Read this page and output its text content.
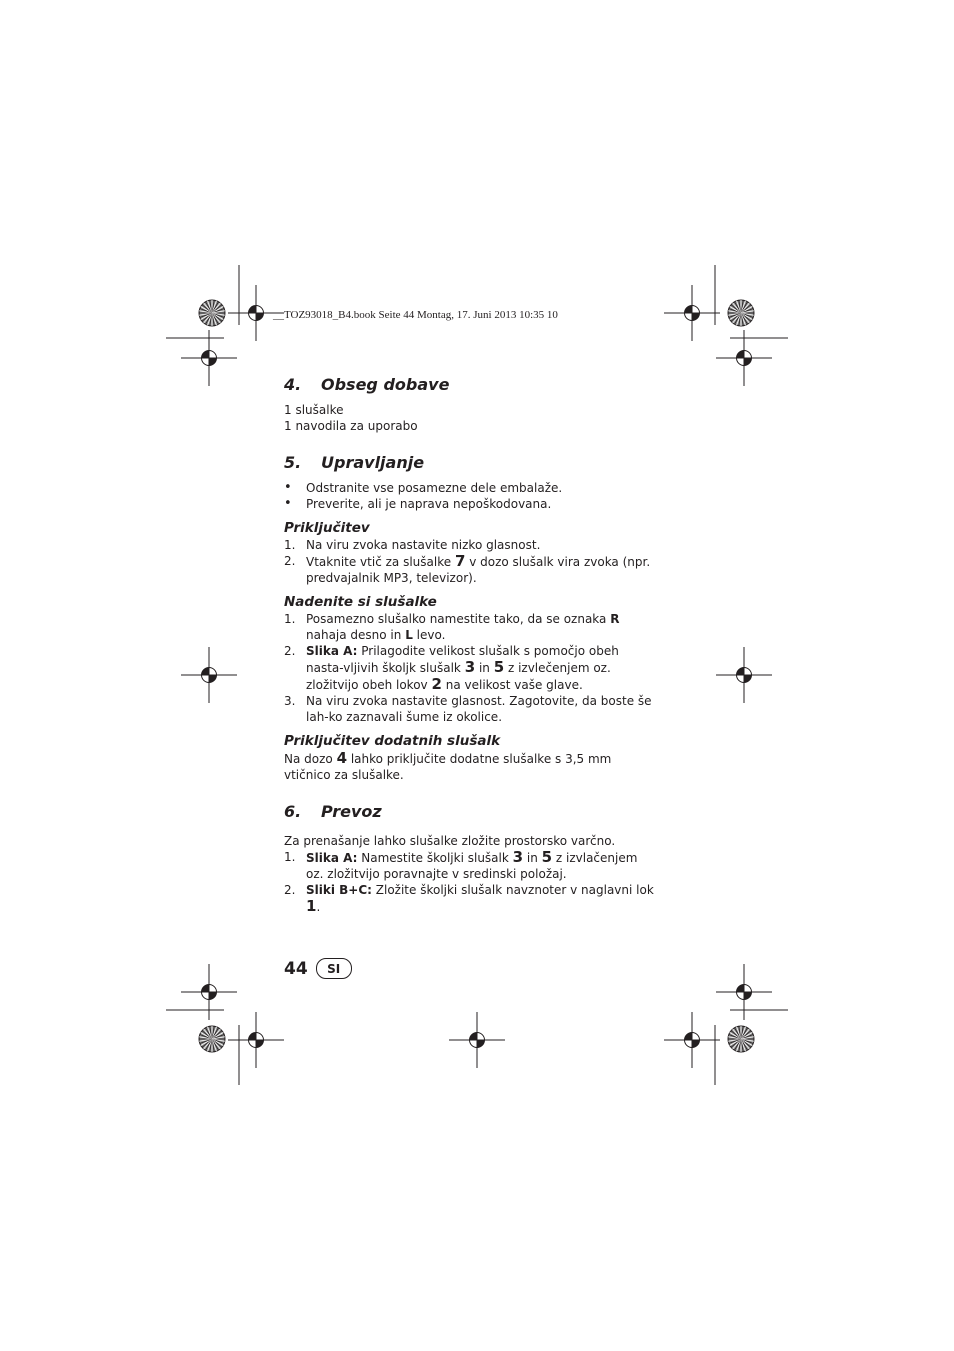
__TOZ93018_B4.book Seite 44 Montag, 17. Juni 2013 10:35 10
4.	Obseg dobave

1 slušalke

1 navodila za uporabo

5.	Upravljanje
•	Odstranite vse posamezne dele embalaže.
•	Preverite, ali je naprava nepoškodovana.
Priključitev
1. Na viru zvoka nastavite nizko glasnost.
2. Vtaknite vtič za slušalke 7 v dozo slušalk vira zvoka (npr. predvajalnik MP3, televizor).
Nadenite si slušalke
1. Posamezno slušalko namestite tako, da se oznaka R nahaja desno in L levo.
2. Slika A: Prilagodite velikost slušalk s pomočjo obeh nasta-vljivih školjk slušalk 3 in 5 z izvlečenjem oz. zložitvijo obeh lokov 2 na velikost vaše glave.
3. Na viru zvoka nastavite glasnost. Zagotovite, da boste še lah-ko zaznavali šume iz okolice.
Priključitev dodatnih slušalk

Na dozo 4 lahko priključite dodatne slušalke s 3,5 mm vtičnico za slušalke.

6.	Prevoz

Za prenašanje lahko slušalke zložite prostorsko varčno.

1. Slika A: Namestite školjki slušalk 3 in 5 z izvlačenjem oz. zložitvijo poravnajte v sredinski položaj.
2. Sliki B+C: Zložite školjki slušalk navznoter v naglavni lok 1.
44	SI
